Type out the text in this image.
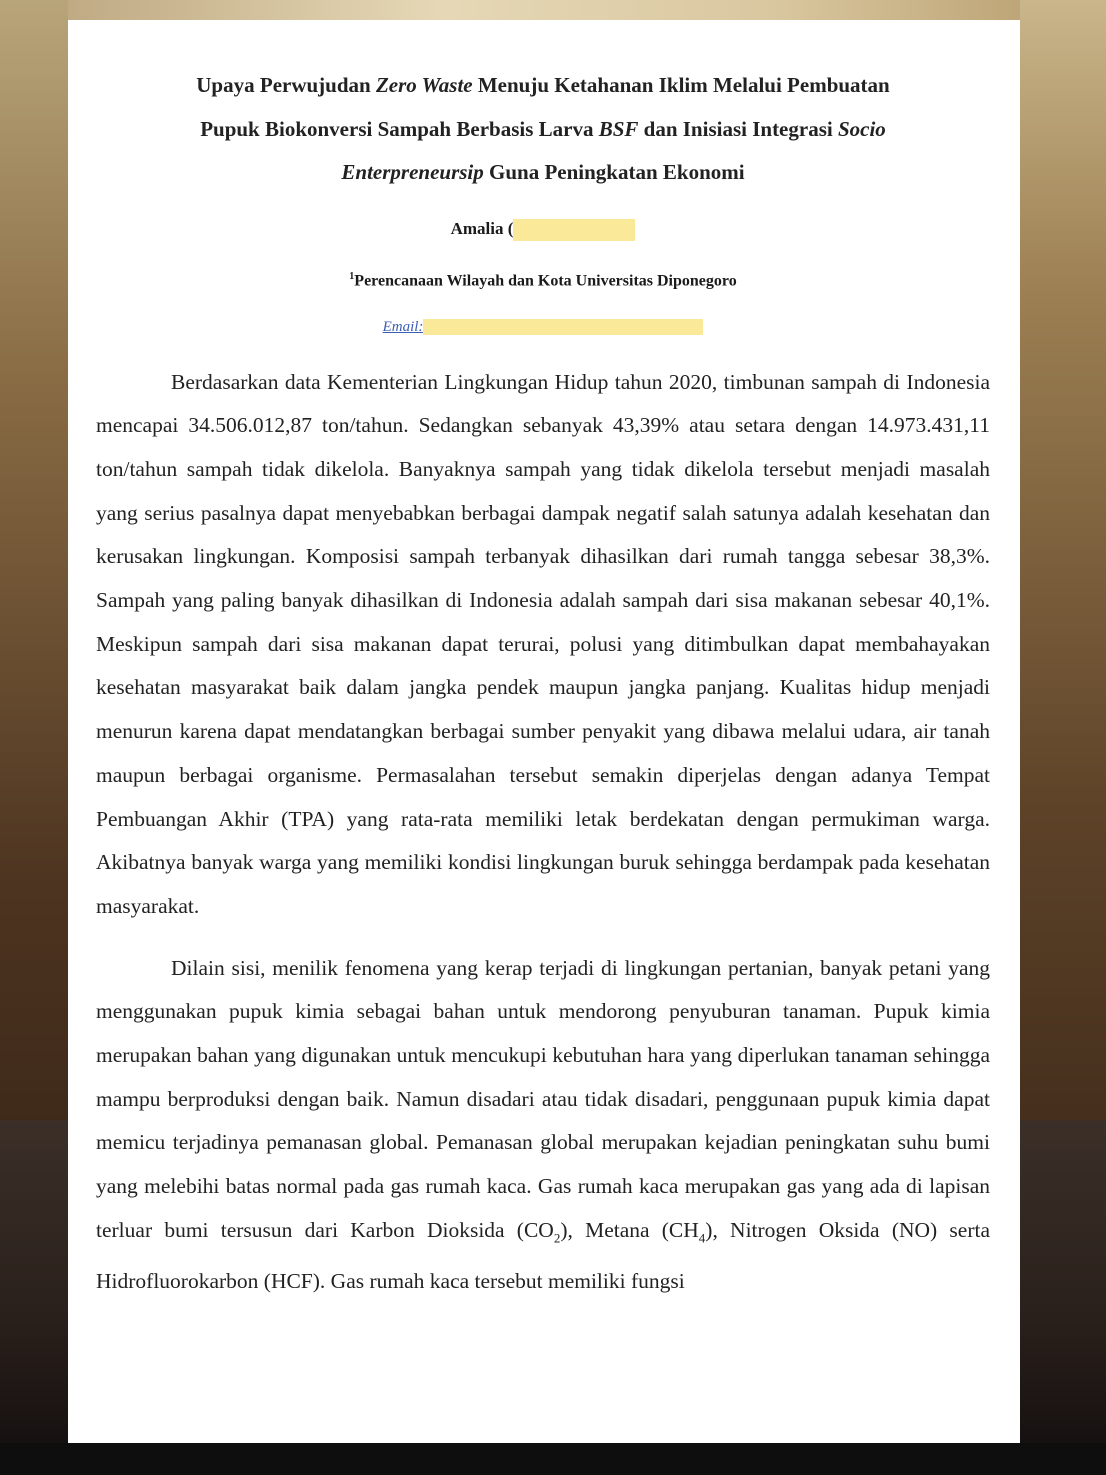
Upaya Perwujudan Zero Waste Menuju Ketahanan Iklim Melalui Pembuatan
Pupuk Biokonversi Sampah Berbasis Larva BSF dan Inisiasi Integrasi Socio
Enterpreneursip Guna Peningkatan Ekonomi
Amalia (
$^1$Perencanaan Wilayah dan Kota Universitas Diponegoro
Email:

Berdasarkan data Kementerian Lingkungan Hidup tahun 2020, timbunan sampah di Indonesia mencapai 34.506.012,87 ton/tahun. Sedangkan sebanyak 43,39% atau setara dengan 14.973.431,11 ton/tahun sampah tidak dikelola. Banyaknya sampah yang tidak dikelola tersebut menjadi masalah yang serius pasalnya dapat menyebabkan berbagai dampak negatif salah satunya adalah kesehatan dan kerusakan lingkungan. Komposisi sampah terbanyak dihasilkan dari rumah tangga sebesar 38,3%. Sampah yang paling banyak dihasilkan di Indonesia adalah sampah dari sisa makanan sebesar 40,1%. Meskipun sampah dari sisa makanan dapat terurai, polusi yang ditimbulkan dapat membahayakan kesehatan masyarakat baik dalam jangka pendek maupun jangka panjang. Kualitas hidup menjadi menurun karena dapat mendatangkan berbagai sumber penyakit yang dibawa melalui udara, air tanah maupun berbagai organisme. Permasalahan tersebut semakin diperjelas dengan adanya Tempat Pembuangan Akhir (TPA) yang rata-rata memiliki letak berdekatan dengan permukiman warga. Akibatnya banyak warga yang memiliki kondisi lingkungan buruk sehingga berdampak pada kesehatan masyarakat.

Dilain sisi, menilik fenomena yang kerap terjadi di lingkungan pertanian, banyak petani yang menggunakan pupuk kimia sebagai bahan untuk mendorong penyuburan tanaman. Pupuk kimia merupakan bahan yang digunakan untuk mencukupi kebutuhan hara yang diperlukan tanaman sehingga mampu berproduksi dengan baik. Namun disadari atau tidak disadari, penggunaan pupuk kimia dapat memicu terjadinya pemanasan global. Pemanasan global merupakan kejadian peningkatan suhu bumi yang melebihi batas normal pada gas rumah kaca. Gas rumah kaca merupakan gas yang ada di lapisan terluar bumi tersusun dari Karbon Dioksida $(CO_2)$, Metana $(CH_4)$, Nitrogen Oksida (NO) serta Hidrofluorokarbon (HCF). Gas rumah kaca tersebut memiliki fungsi
